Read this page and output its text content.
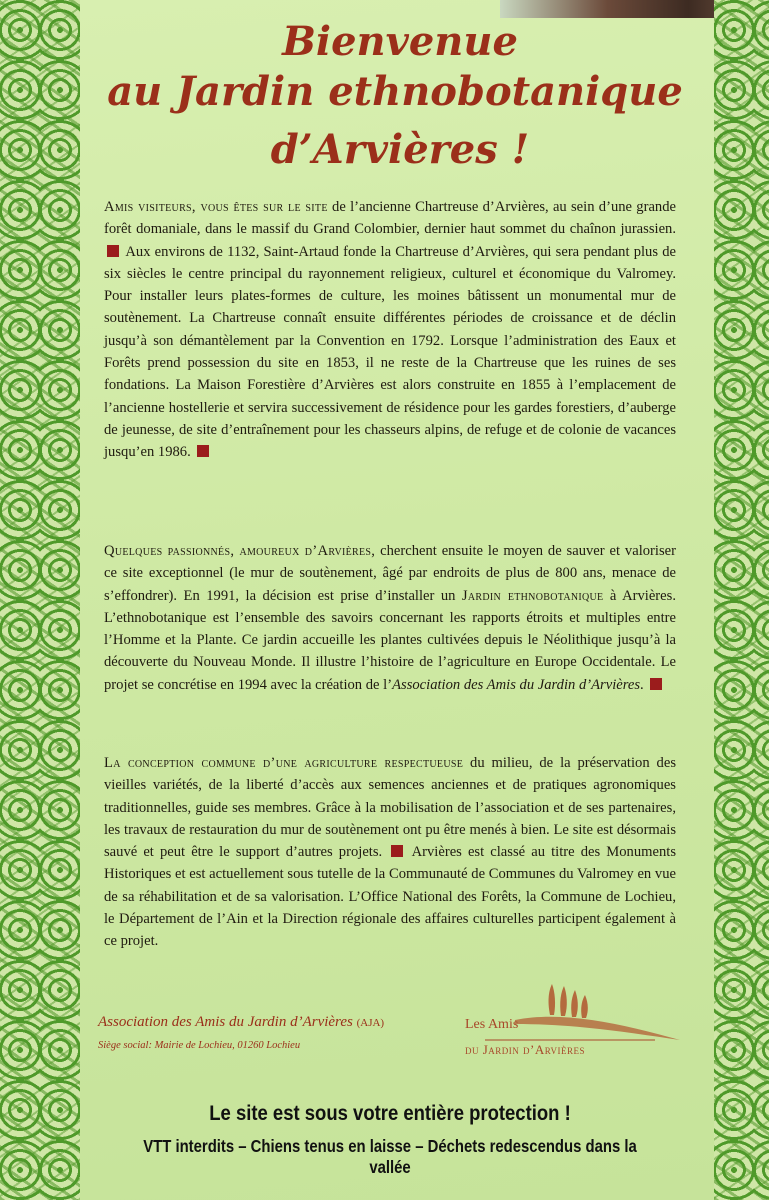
Bienvenue
au Jardin ethnobotanique
d’Arvières !

Amis visiteurs, vous êtes sur le site de l’ancienne Chartreuse d’Arvières, au sein d’une grande forêt domaniale, dans le massif du Grand Colombier, dernier haut sommet du chaînon jurassien.  Aux environs de 1132, Saint-Artaud fonde la Chartreuse d’Arvières, qui sera pendant plus de six siècles le centre principal du rayonnement religieux, culturel et économique du Valromey. Pour installer leurs plates-formes de culture, les moines bâtissent un monumental mur de soutènement. La Chartreuse connaît ensuite différentes périodes de croissance et de déclin jusqu’à son démantèlement par la Convention en 1792. Lorsque l’administration des Eaux et Forêts prend possession du site en 1853, il ne reste de la Chartreuse que les ruines de ses fondations. La Maison Forestière d’Arvières est alors construite en 1855 à l’emplacement de l’ancienne hostellerie et servira successivement de résidence pour les gardes forestiers, d’auberge de jeunesse, de site d’entraînement pour les chasseurs alpins, de refuge et de colonie de vacances jusqu’en 1986.

Quelques passionnés, amoureux d’Arvières, cherchent ensuite le moyen de sauver et valoriser ce site exceptionnel (le mur de soutènement, âgé par endroits de plus de 800 ans, menace de s’effondrer). En 1991, la décision est prise d’installer un Jardin ethnobotanique à Arvières. L’ethnobotanique est l’ensemble des savoirs concernant les rapports étroits et multiples entre l’Homme et la Plante. Ce jardin accueille les plantes cultivées depuis le Néolithique jusqu’à la découverte du Nouveau Monde. Il illustre l’histoire de l’agriculture en Europe Occidentale. Le projet se concrétise en 1994 avec la création de l’Association des Amis du Jardin d’Arvières.

La conception commune d’une agriculture respectueuse du milieu, de la préservation des vieilles variétés, de la liberté d’accès aux semences anciennes et de pratiques agronomiques traditionnelles, guide ses membres. Grâce à la mobilisation de l’association et de ses partenaires, les travaux de restauration du mur de soutènement ont pu être menés à bien. Le site est désormais sauvé et peut être le support d’autres projets. Arvières est classé au titre des Monuments Historiques et est actuellement sous tutelle de la Communauté de Communes du Valromey en vue de sa réhabilitation et de sa valorisation. L’Office National des Forêts, la Commune de Lochieu, le Département de l’Ain et la Direction régionale des affaires culturelles participent également à ce projet.

Association des Amis du Jardin d’Arvières (AJA)
Siège social: Mairie de Lochieu, 01260 Lochieu
Les Amis
du Jardin d’Arvières
Le site est sous votre entière protection !
VTT interdits – Chiens tenus en laisse – Déchets redescendus dans la vallée
